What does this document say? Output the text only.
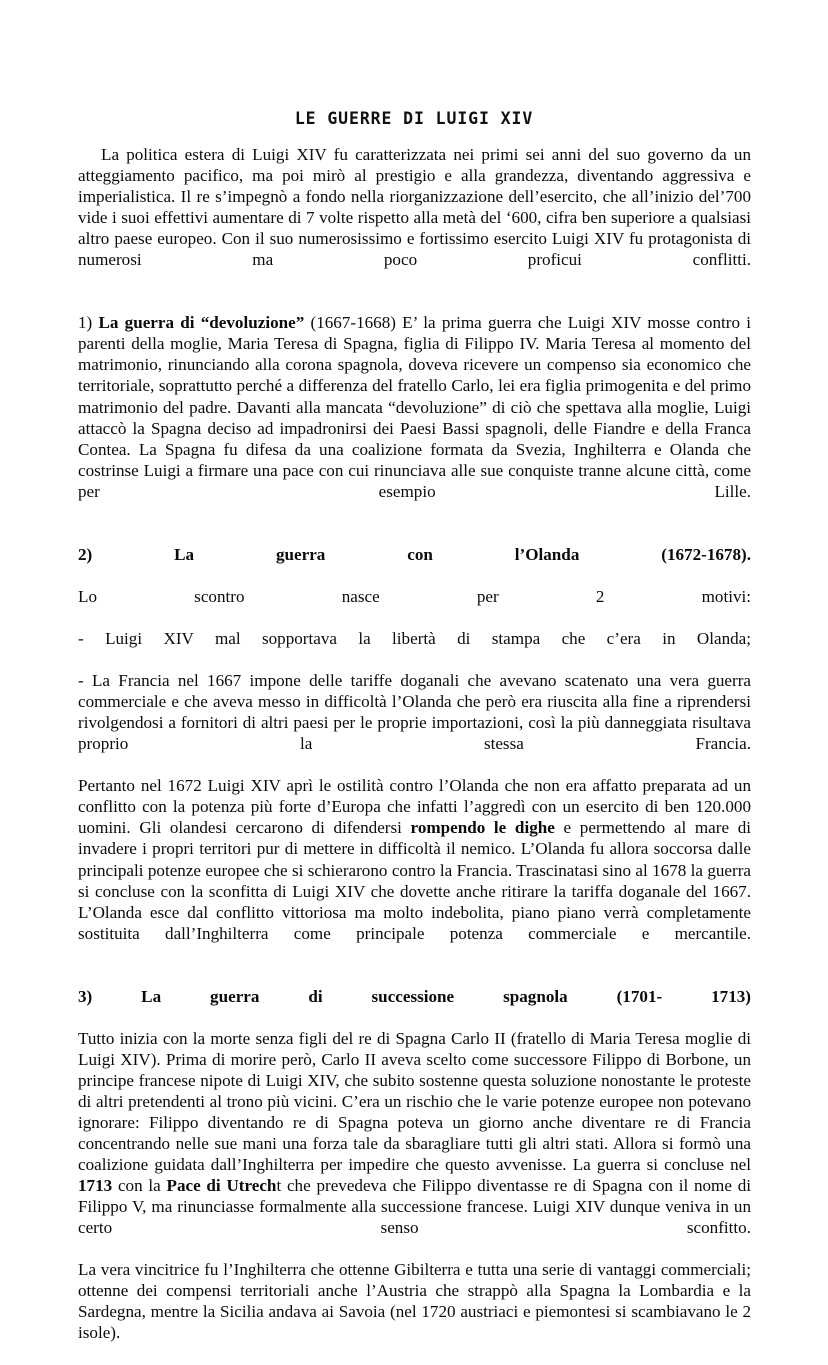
LE GUERRE DI LUIGI XIV

La politica estera di Luigi XIV fu caratterizzata nei primi sei anni del suo governo da un atteggiamento pacifico, ma poi mirò al prestigio e alla grandezza, diventando aggressiva e imperialistica. Il re s’impegnò a fondo nella riorganizzazione dell’esercito, che all’inizio del’700 vide i suoi effettivi aumentare di 7 volte rispetto alla metà del ‘600, cifra ben superiore a qualsiasi altro paese europeo. Con il suo numerosissimo e fortissimo esercito Luigi XIV fu protagonista di numerosi ma poco proficui conflitti.

1) La guerra di “devoluzione” (1667-1668) E’ la prima guerra che Luigi XIV mosse contro i parenti della moglie, Maria Teresa di Spagna, figlia di Filippo IV. Maria Teresa al momento del matrimonio, rinunciando alla corona spagnola, doveva ricevere un compenso sia economico che territoriale, soprattutto perché a differenza del fratello Carlo, lei era figlia primogenita e del primo matrimonio del padre. Davanti alla mancata “devoluzione” di ciò che spettava alla moglie, Luigi attaccò la Spagna deciso ad impadronirsi dei Paesi Bassi spagnoli, delle Fiandre e della Franca Contea. La Spagna fu difesa da una coalizione formata da Svezia, Inghilterra e Olanda che costrinse Luigi a firmare una pace con cui rinunciava alle sue conquiste tranne alcune città, come per esempio Lille.

2) La guerra con l’Olanda (1672-1678).

Lo scontro nasce per 2 motivi:

- Luigi XIV mal sopportava la libertà di stampa che c’era in Olanda;

- La Francia nel 1667 impone delle tariffe doganali che avevano scatenato una vera guerra commerciale e che aveva messo in difficoltà l’Olanda che però era riuscita alla fine a riprendersi rivolgendosi a fornitori di altri paesi per le proprie importazioni, così la più danneggiata risultava proprio la stessa Francia.

Pertanto nel 1672 Luigi XIV aprì le ostilità contro l’Olanda che non era affatto preparata ad un conflitto con la potenza più forte d’Europa che infatti l’aggredì con un esercito di ben 120.000 uomini. Gli olandesi cercarono di difendersi rompendo le dighe e permettendo al mare di invadere i propri territori pur di mettere in difficoltà il nemico. L’Olanda fu allora soccorsa dalle principali potenze europee che si schierarono contro la Francia. Trascinatasi sino al 1678 la guerra si concluse con la sconfitta di Luigi XIV che dovette anche ritirare la tariffa doganale del 1667. L’Olanda esce dal conflitto vittoriosa ma molto indebolita, piano piano verrà completamente sostituita dall’Inghilterra come principale potenza commerciale e mercantile.

3) La guerra di successione spagnola (1701- 1713)

Tutto inizia con la morte senza figli del re di Spagna Carlo II (fratello di Maria Teresa moglie di Luigi XIV). Prima di morire però, Carlo II aveva scelto come successore Filippo di Borbone, un principe francese nipote di Luigi XIV, che subito sostenne questa soluzione nonostante le proteste di altri pretendenti al trono più vicini. C’era un rischio che le varie potenze europee non potevano ignorare: Filippo diventando re di Spagna poteva un giorno anche diventare re di Francia concentrando nelle sue mani una forza tale da sbaragliare tutti gli altri stati. Allora si formò una coalizione guidata dall’Inghilterra per impedire che questo avvenisse. La guerra si concluse nel 1713 con la Pace di Utrecht che prevedeva che Filippo diventasse re di Spagna con il nome di Filippo V, ma rinunciasse formalmente alla successione francese. Luigi XIV dunque veniva in un certo senso sconfitto.

La vera vincitrice fu l’Inghilterra che ottenne Gibilterra e tutta una serie di vantaggi commerciali; ottenne dei compensi territoriali anche l’Austria che strappò alla Spagna la Lombardia e la Sardegna, mentre la Sicilia andava ai Savoia (nel 1720 austriaci e piemontesi si scambiavano le 2 isole).
